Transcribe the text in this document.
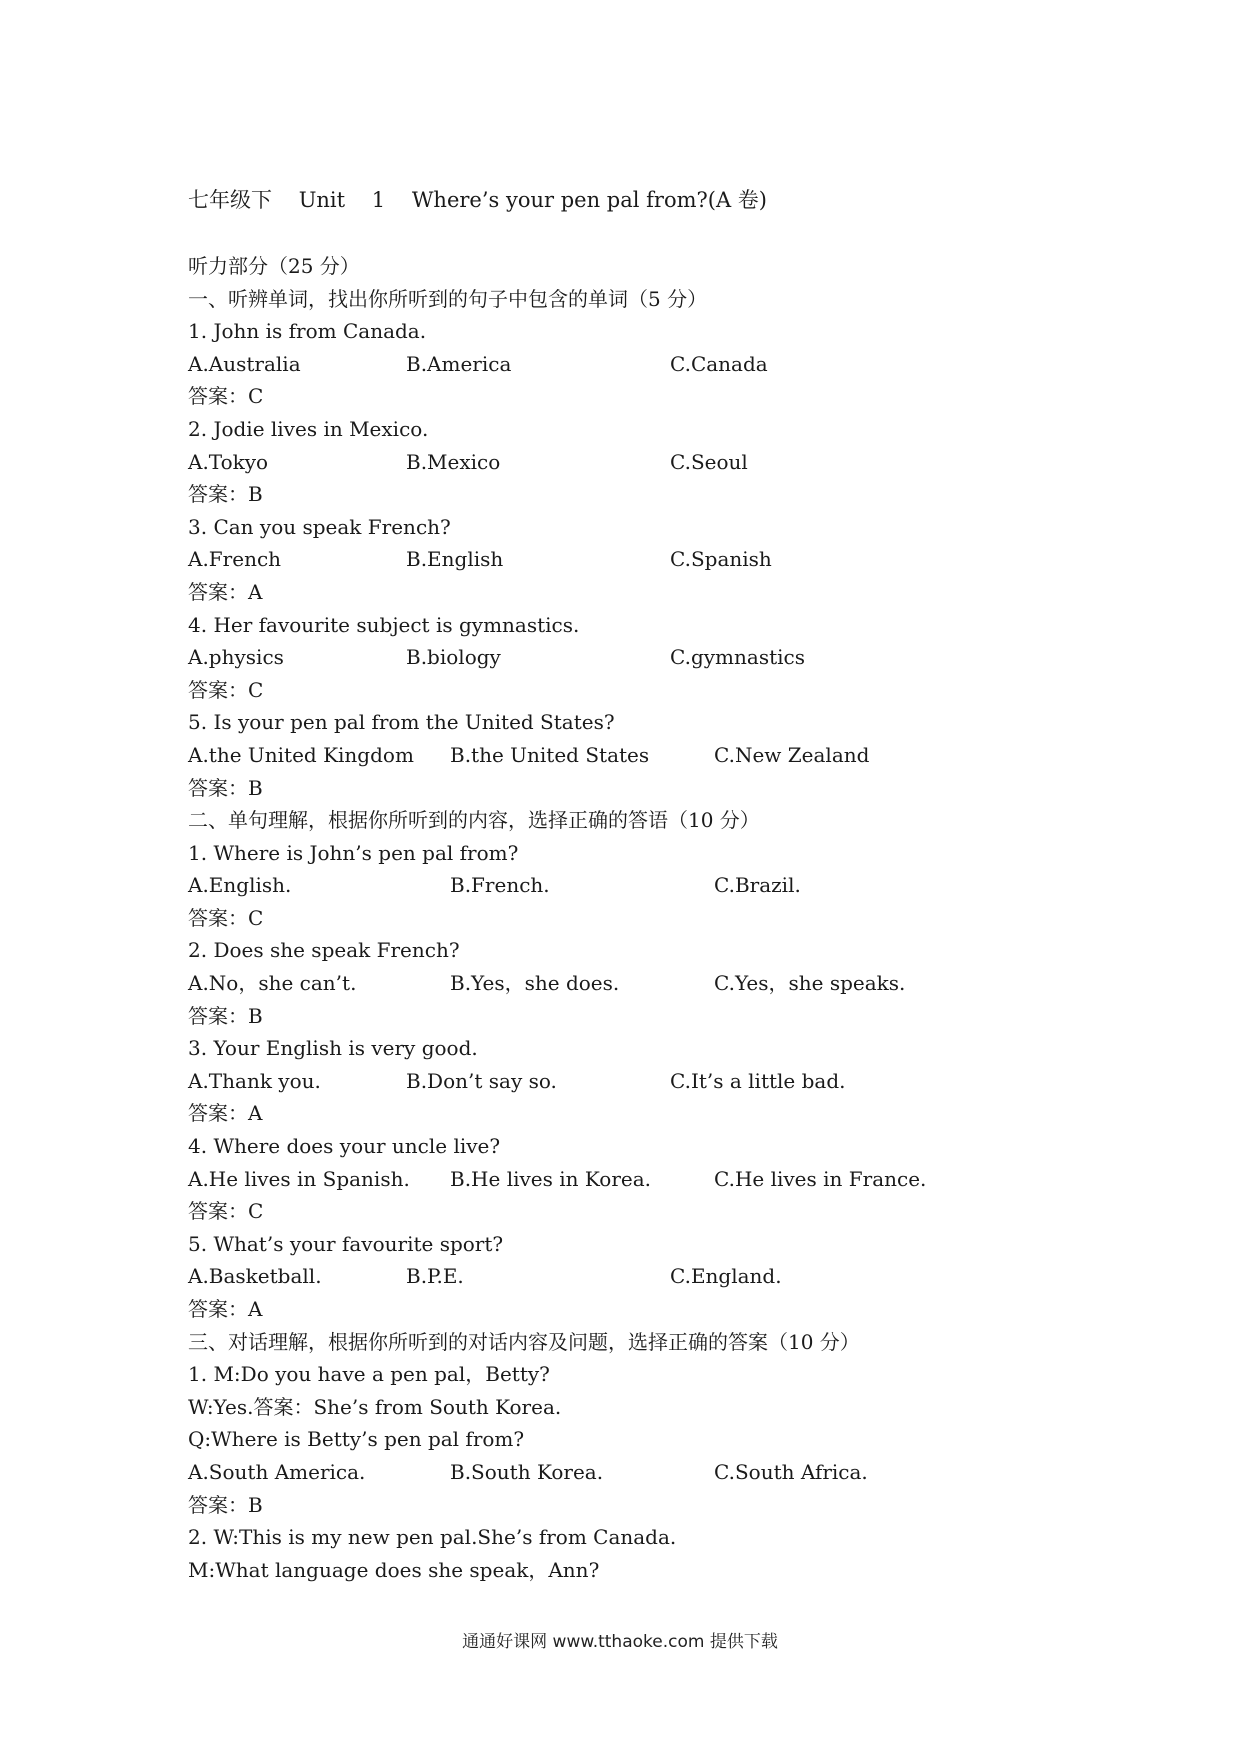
七年级下    Unit    1    Where’s your pen pal from?(A 卷)
听力部分（25 分）
一、听辨单词，找出你所听到的句子中包含的单词（5 分）
1. John is from Canada.
A.Australia	B.America	C.Canada
答案：C
2. Jodie lives in Mexico.
A.Tokyo	B.Mexico	C.Seoul
答案：B
3. Can you speak French?
A.French	B.English	C.Spanish
答案：A
4. Her favourite subject is gymnastics.
A.physics	B.biology	C.gymnastics
答案：C
5. Is your pen pal from the United States?
A.the United Kingdom B.the United States	C.New Zealand
答案：B
二、单句理解，根据你所听到的内容，选择正确的答语（10 分）
1. Where is John’s pen pal from?
A.English.	B.French.	C.Brazil.
答案：C
2. Does she speak French?
A.No，she can’t.	B.Yes，she does.	C.Yes，she speaks.
答案：B
3. Your English is very good.
A.Thank you.	B.Don’t say so.	C.It’s a little bad.
答案：A
4. Where does your uncle live?
A.He lives in Spanish. B.He lives in Korea.	C.He lives in France.
答案：C
5. What’s your favourite sport?
A.Basketball.	B.P.E.	C.England.
答案：A
三、对话理解，根据你所听到的对话内容及问题，选择正确的答案（10 分）
1. M:Do you have a pen pal，Betty?
W:Yes.答案：She’s from South Korea.
Q:Where is Betty’s pen pal from?
A.South America.	B.South Korea.	C.South Africa.
答案：B
2. W:This is my new pen pal.She’s from Canada.
M:What language does she speak，Ann?
通通好课网 www.tthaoke.com 提供下载
